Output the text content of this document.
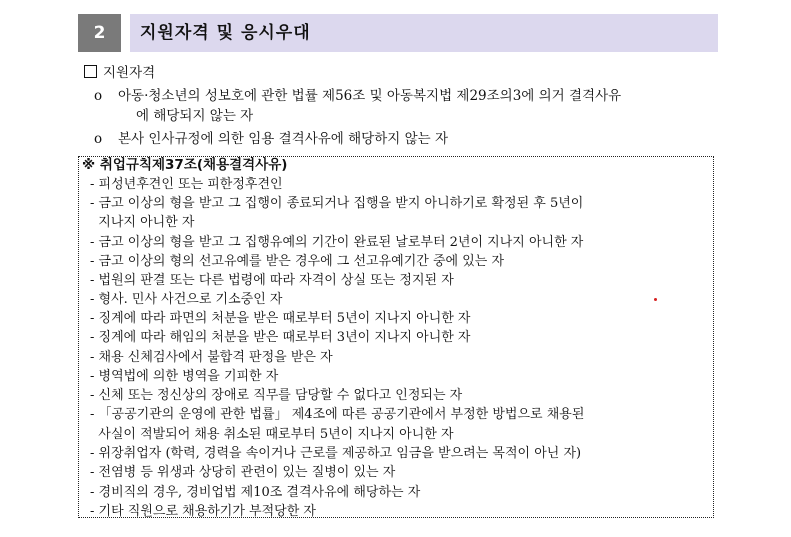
2	지원자격 및 응시우대
지원자격
o 아동·청소년의 성보호에 관한 법률 제56조 및 아동복지법 제29조의3에 의거 결격사유
에 해당되지 않는 자
o 본사 인사규정에 의한 임용 결격사유에 해당하지 않는 자
※ 취업규칙제37조(채용결격사유)
- 피성년후견인 또는 피한정후견인
- 금고 이상의 형을 받고 그 집행이 종료되거나 집행을 받지 아니하기로 확정된 후 5년이
지나지 아니한 자
- 금고 이상의 형을 받고 그 집행유예의 기간이 완료된 날로부터 2년이 지나지 아니한 자
- 금고 이상의 형의 선고유예를 받은 경우에 그 선고유예기간 중에 있는 자
- 법원의 판결 또는 다른 법령에 따라 자격이 상실 또는 정지된 자
- 형사. 민사 사건으로 기소중인 자
- 징계에 따라 파면의 처분을 받은 때로부터 5년이 지나지 아니한 자
- 징계에 따라 해임의 처분을 받은 때로부터 3년이 지나지 아니한 자
- 채용 신체검사에서 불합격 판정을 받은 자
- 병역법에 의한 병역을 기피한 자
- 신체 또는 정신상의 장애로 직무를 담당할 수 없다고 인정되는 자
- 「공공기관의 운영에 관한 법률」 제4조에 따른 공공기관에서 부정한 방법으로 채용된
사실이 적발되어 채용 취소된 때로부터 5년이 지나지 아니한 자
- 위장취업자 (학력, 경력을 속이거나 근로를 제공하고 임금을 받으려는 목적이 아닌 자)
- 전염병 등 위생과 상당히 관련이 있는 질병이 있는 자
- 경비직의 경우, 경비업법 제10조 결격사유에 해당하는 자
- 기타 직원으로 채용하기가 부적당한 자
